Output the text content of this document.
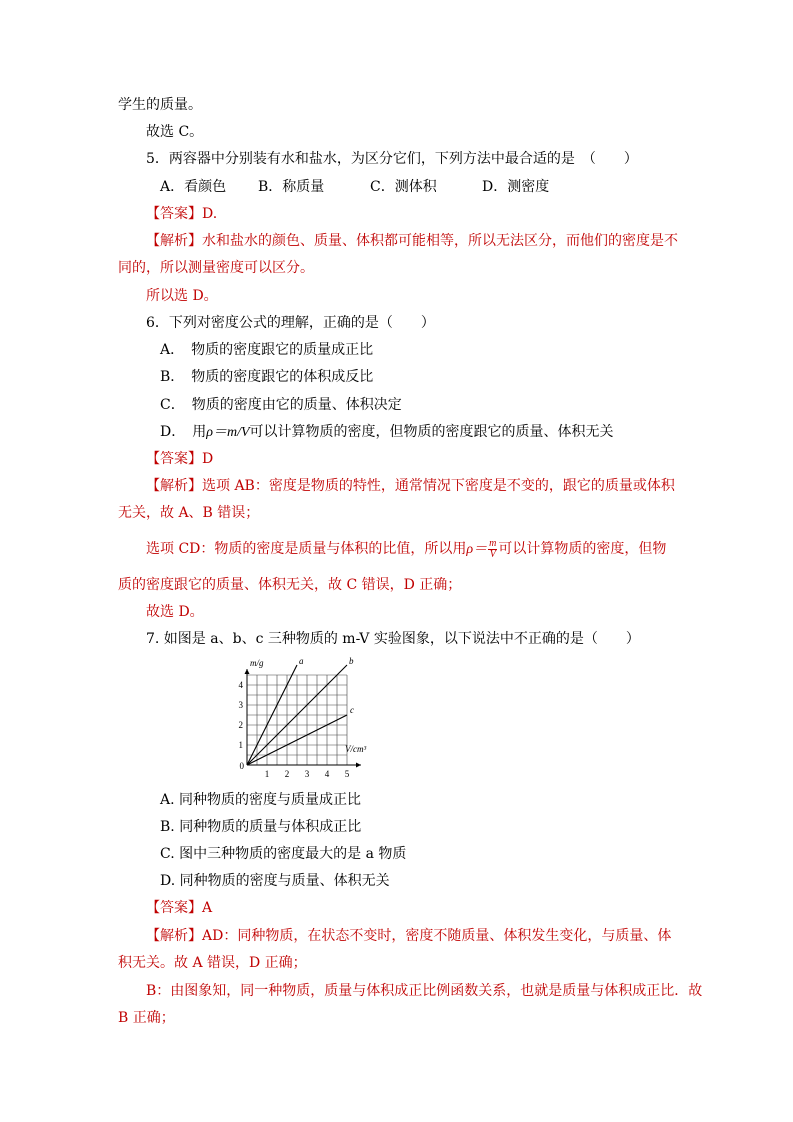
学生的质量。
故选 C。
5．两容器中分别装有水和盐水，为区分它们，下列方法中最合适的是　（　　）
A．看颜色 B．称质量	C．测体积	D．测密度
【答案】D.
【解析】水和盐水的颜色、质量、体积都可能相等，所以无法区分，而他们的密度是不
同的，所以测量密度可以区分。
所以选 D。
6．下列对密度公式的理解，正确的是（　　）
A．　物质的密度跟它的质量成正比
B．　物质的密度跟它的体积成反比
C．　物质的密度由它的质量、体积决定
D．　用ρ＝m/V可以计算物质的密度，但物质的密度跟它的质量、体积无关
【答案】D
【解析】选项 AB：密度是物质的特性，通常情况下密度是不变的，跟它的质量或体积
无关，故 A、B 错误；
选项 CD：物质的密度是质量与体积的比值，所以用$\rho= \frac{m}{V}$ 可以计算物质的密度，但物
质的密度跟它的质量、体积无关，故 C 错误，D 正确；
故选 D。
7. 如图是 a、b、c 三种物质的 m-V 实验图象，以下说法中不正确的是（　　）
1 2 3 4 5
1
2
3
4
0
m/g
V/cm³
a	b
c
A. 同种物质的密度与质量成正比
B. 同种物质的质量与体积成正比
C. 图中三种物质的密度最大的是 a 物质
D. 同种物质的密度与质量、体积无关
【答案】A
【解析】AD：同种物质，在状态不变时，密度不随质量、体积发生变化，与质量、体
积无关。故 A 错误，D 正确；
B：由图象知，同一种物质，质量与体积成正比例函数关系，也就是质量与体积成正比．故
B 正确；
